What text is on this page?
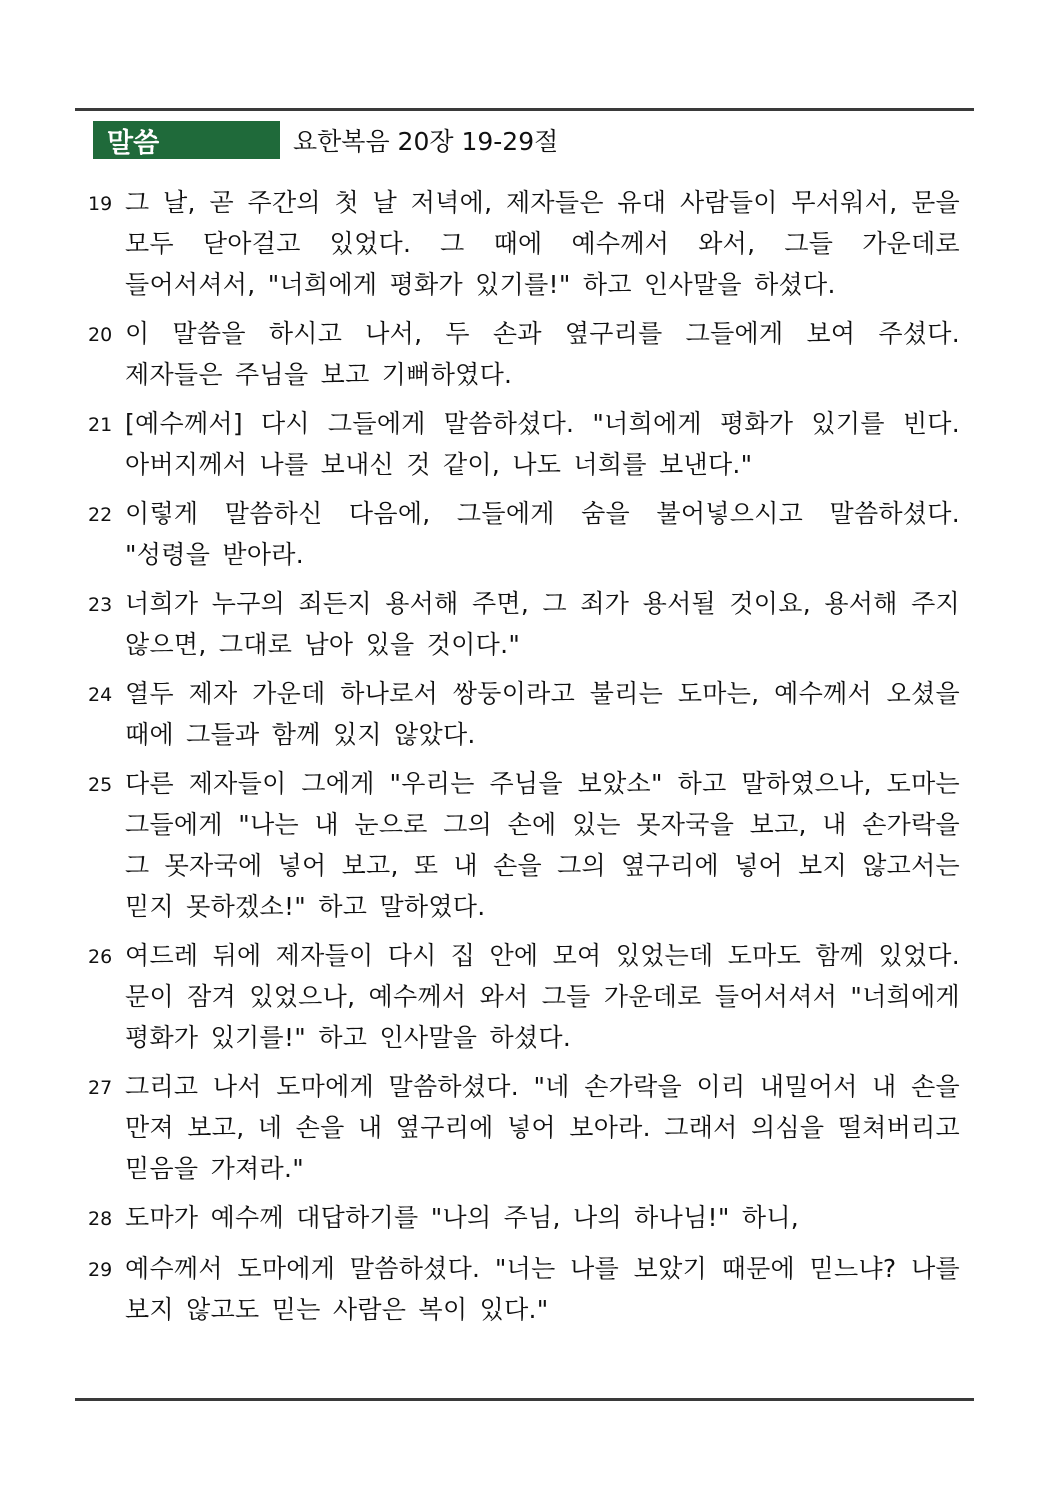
말씀	요한복음 20장 19-29절
19 그 날, 곧 주간의 첫 날 저녁에, 제자들은 유대 사람들이 무서워서, 문을 모두 닫아걸고 있었다. 그 때에 예수께서 와서, 그들 가운데로 들어서셔서, "너희에게 평화가 있기를!" 하고 인사말을 하셨다.
20 이 말씀을 하시고 나서, 두 손과 옆구리를 그들에게 보여 주셨다. 제자들은 주님을 보고 기뻐하였다.
21 [예수께서] 다시 그들에게 말씀하셨다. "너희에게 평화가 있기를 빈다. 아버지께서 나를 보내신 것 같이, 나도 너희를 보낸다."
22 이렇게 말씀하신 다음에, 그들에게 숨을 불어넣으시고 말씀하셨다. "성령을 받아라.
23 너희가 누구의 죄든지 용서해 주면, 그 죄가 용서될 것이요, 용서해 주지 않으면, 그대로 남아 있을 것이다."
24 열두 제자 가운데 하나로서 쌍둥이라고 불리는 도마는, 예수께서 오셨을 때에 그들과 함께 있지 않았다.
25 다른 제자들이 그에게 "우리는 주님을 보았소" 하고 말하였으나, 도마는 그들에게 "나는 내 눈으로 그의 손에 있는 못자국을 보고, 내 손가락을 그 못자국에 넣어 보고, 또 내 손을 그의 옆구리에 넣어 보지 않고서는 믿지 못하겠소!" 하고 말하였다.
26 여드레 뒤에 제자들이 다시 집 안에 모여 있었는데 도마도 함께 있었다. 문이 잠겨 있었으나, 예수께서 와서 그들 가운데로 들어서셔서 "너희에게 평화가 있기를!" 하고 인사말을 하셨다.
27 그리고 나서 도마에게 말씀하셨다. "네 손가락을 이리 내밀어서 내 손을 만져 보고, 네 손을 내 옆구리에 넣어 보아라. 그래서 의심을 떨쳐버리고 믿음을 가져라."
28 도마가 예수께 대답하기를 "나의 주님, 나의 하나님!" 하니,
29 예수께서 도마에게 말씀하셨다. "너는 나를 보았기 때문에 믿느냐? 나를 보지 않고도 믿는 사람은 복이 있다."
